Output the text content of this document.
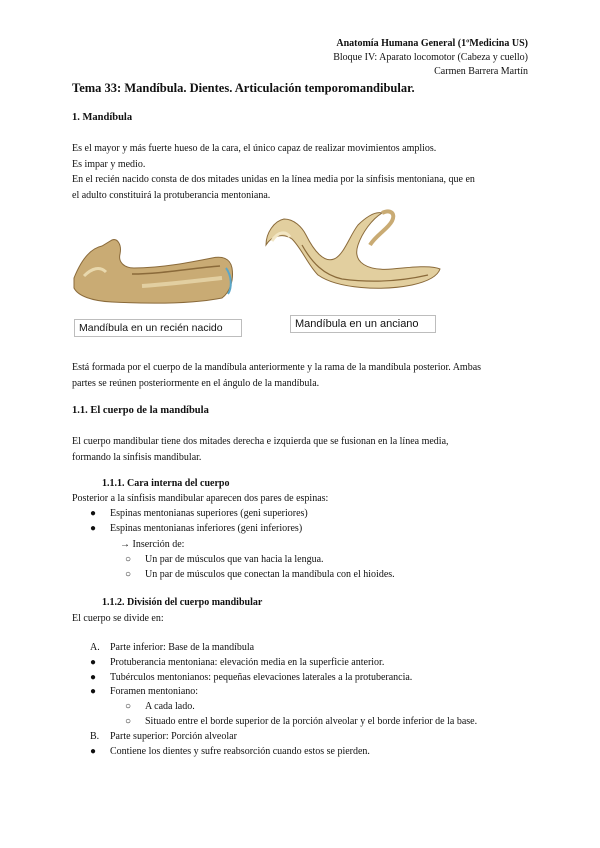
Anatomía Humana General (1ºMedicina US)
Bloque IV: Aparato locomotor (Cabeza y cuello)
Carmen Barrera Martín
Tema 33: Mandíbula. Dientes. Articulación temporomandibular.
1. Mandíbula
Es el mayor y más fuerte hueso de la cara, el único capaz de realizar movimientos amplios.
Es impar y medio.
En el recién nacido consta de dos mitades unidas en la línea media por la sínfisis mentoniana, que en
el adulto constituirá la protuberancia mentoniana.
Mandíbula en un recién nacido	Mandíbula en un anciano
Está formada por el cuerpo de la mandíbula anteriormente y la rama de la mandíbula posterior. Ambas
partes se reúnen posteriormente en el ángulo de la mandíbula.
1.1. El cuerpo de la mandíbula
El cuerpo mandibular tiene dos mitades derecha e izquierda que se fusionan en la línea media,
formando la sínfisis mandibular.
1.1.1. Cara interna del cuerpo
Posterior a la sínfisis mandibular aparecen dos pares de espinas:
● Espinas mentonianas superiores (geni superiores)
● Espinas mentonianas inferiores (geni inferiores)
→ Inserción de:
○ Un par de músculos que van hacia la lengua.
○ Un par de músculos que conectan la mandíbula con el hioides.
1.1.2. División del cuerpo mandibular
El cuerpo se divide en:
A. Parte inferior: Base de la mandíbula
● Protuberancia mentoniana: elevación media en la superficie anterior.
● Tubérculos mentonianos: pequeñas elevaciones laterales a la protuberancia.
● Foramen mentoniano:
○ A cada lado.
○ Situado entre el borde superior de la porción alveolar y el borde inferior de la base.
B. Parte superior: Porción alveolar
● Contiene los dientes y sufre reabsorción cuando estos se pierden.
